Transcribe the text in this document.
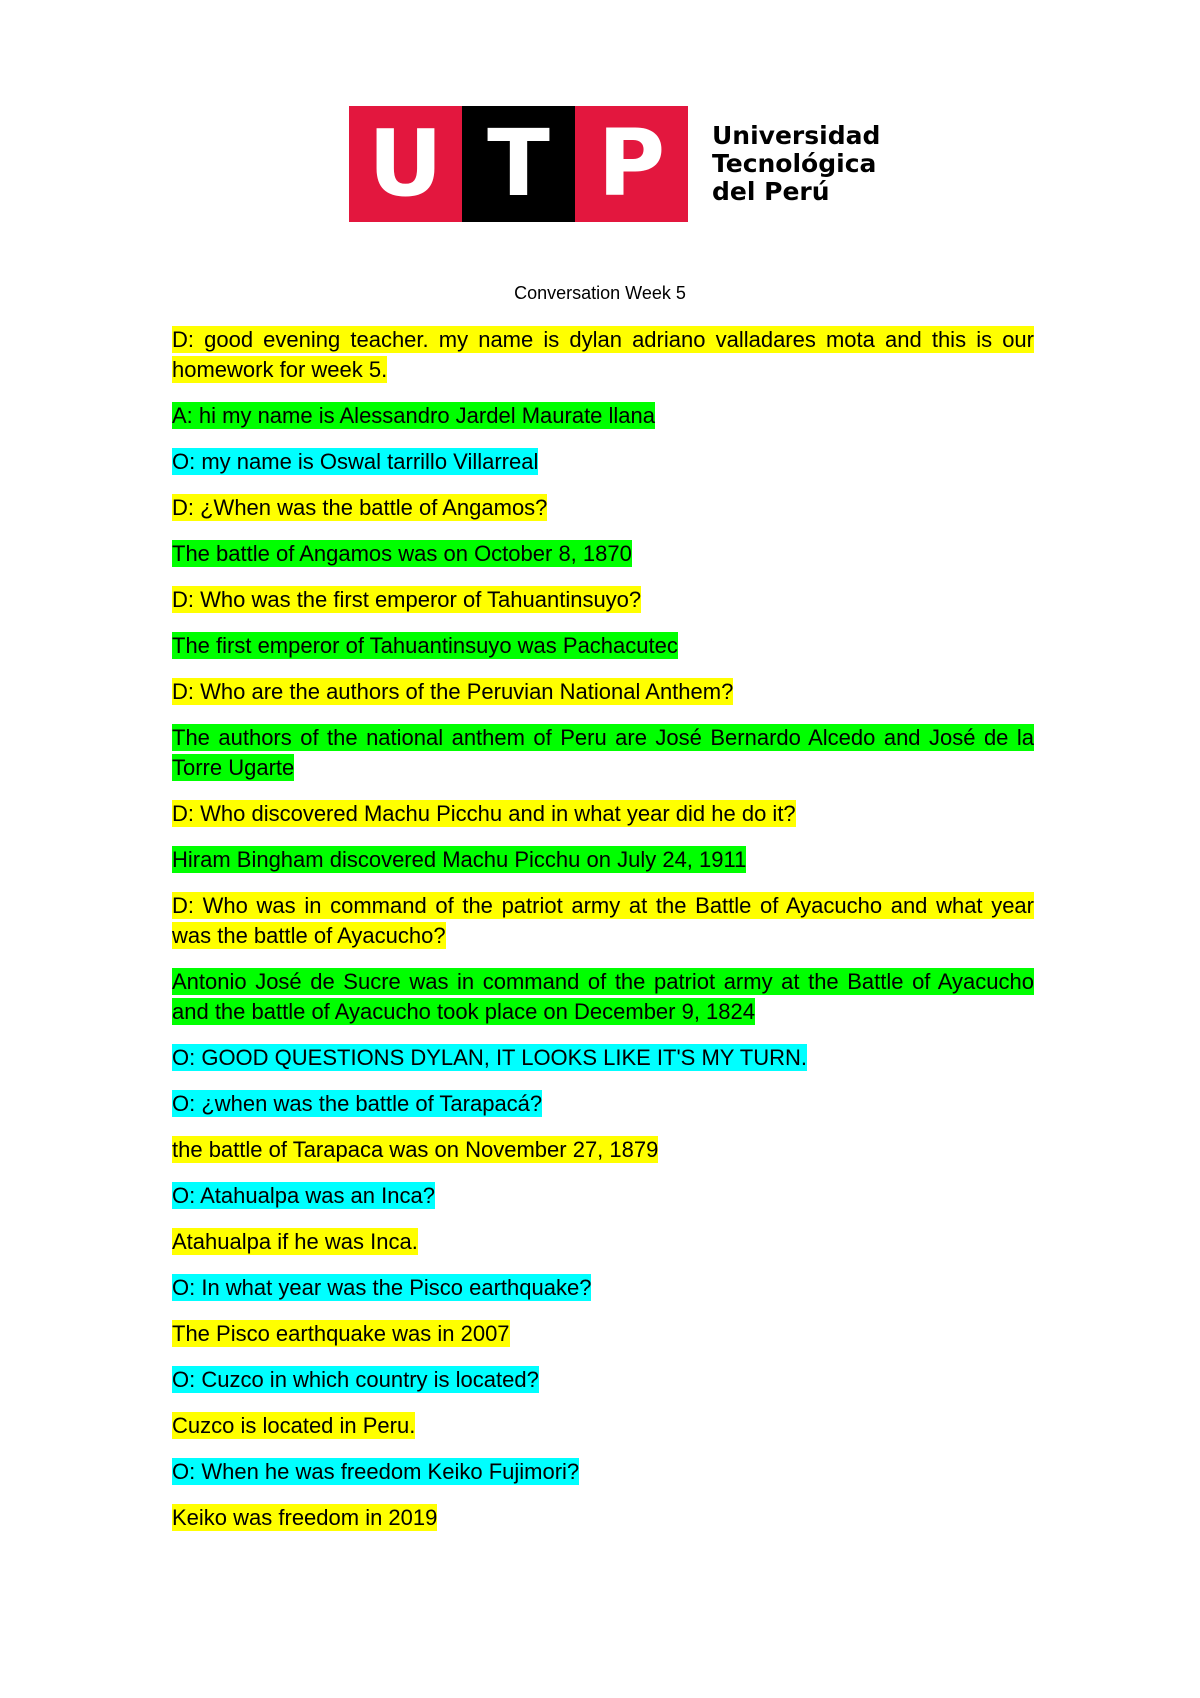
U T P	Universidad
Tecnológica
del Perú
Conversation Week 5

D: good evening teacher. my name is dylan adriano valladares mota and this is our homework for week 5.

A: hi my name is Alessandro Jardel Maurate llana

O: my name is Oswal tarrillo Villarreal

D: ¿When was the battle of Angamos?

The battle of Angamos was on October 8, 1870

D: Who was the first emperor of Tahuantinsuyo?

The first emperor of Tahuantinsuyo was Pachacutec

D: Who are the authors of the Peruvian National Anthem?

The authors of the national anthem of Peru are José Bernardo Alcedo and José de la Torre Ugarte

D: Who discovered Machu Picchu and in what year did he do it?

Hiram Bingham discovered Machu Picchu on July 24, 1911

D: Who was in command of the patriot army at the Battle of Ayacucho and what year was the battle of Ayacucho?

Antonio José de Sucre was in command of the patriot army at the Battle of Ayacucho and the battle of Ayacucho took place on December 9, 1824

O: GOOD QUESTIONS DYLAN, IT LOOKS LIKE IT'S MY TURN.

O: ¿when was the battle of Tarapacá?

the battle of Tarapaca was on November 27, 1879

O: Atahualpa was an Inca?

Atahualpa if he was Inca.

O: In what year was the Pisco earthquake?

The Pisco earthquake was in 2007

O: Cuzco in which country is located?

Cuzco is located in Peru.

O: When he was freedom Keiko Fujimori?

Keiko was freedom in 2019
